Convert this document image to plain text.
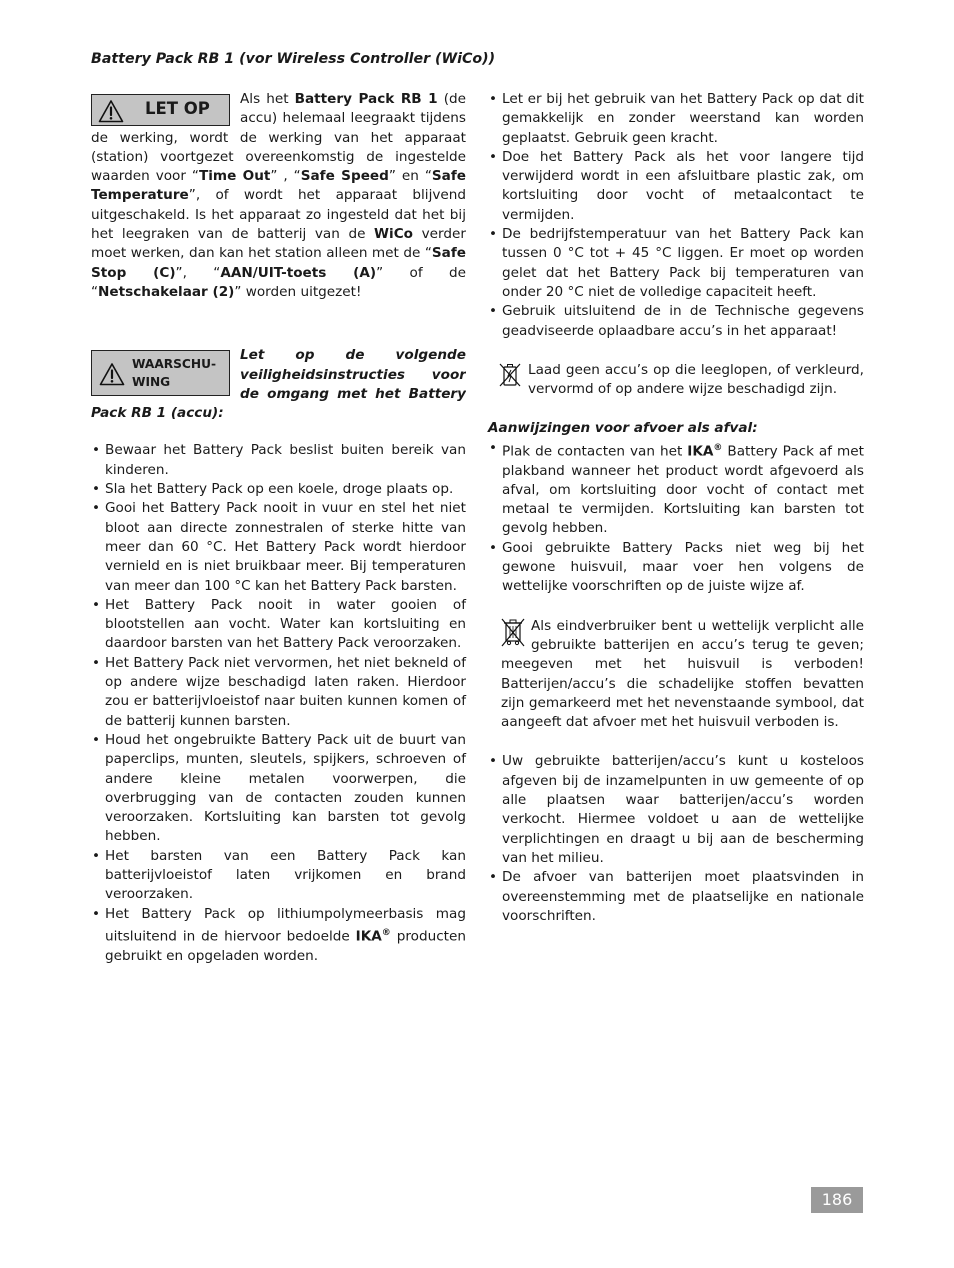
Battery Pack RB 1 (vor Wireless Controller (WiCo))
LET OP Als het Battery Pack RB 1 (de accu) helemaal leegraakt tijdens de werking, wordt de werking van het apparaat (station) voortgezet overeenkomstig de ingestelde waarden voor “Time Out” , “Safe Speed” en “Safe Temperature”, of wordt het apparaat blijvend uitgeschakeld. Is het apparaat zo ingesteld dat het bij het leegraken van de batterij van de WiCo verder moet werken, dan kan het station alleen met de “Safe Stop (C)”, “AAN/UIT-toets (A)” of de “Netschakelaar (2)” worden uitgezet!
WAARSCHU-
WING
Let op de volgende veiligheidsinstructies voor de omgang met het Battery Pack RB 1 (accu):
• Bewaar het Battery Pack beslist buiten bereik van kinderen.
• Sla het Battery Pack op een koele, droge plaats op.
• Gooi het Battery Pack nooit in vuur en stel het niet bloot aan directe zonnestralen of sterke hitte van meer dan 60 °C. Het Battery Pack wordt hierdoor vernield en is niet bruikbaar meer. Bij temperaturen van meer dan 100 °C kan het Battery Pack barsten.
• Het Battery Pack nooit in water gooien of blootstellen aan vocht. Water kan kortsluiting en daardoor barsten van het Battery Pack veroorzaken.
• Het Battery Pack niet vervormen, het niet bekneld of op andere wijze beschadigd laten raken. Hierdoor zou er batterijvloeistof naar buiten kunnen komen of de batterij kunnen barsten.
• Houd het ongebruikte Battery Pack uit de buurt van paperclips, munten, sleutels, spijkers, schroeven of andere kleine metalen voorwerpen, die overbrugging van de contacten zouden kunnen veroorzaken. Kortsluiting kan barsten tot gevolg hebben.
• Het barsten van een Battery Pack kan batterijvloeistof laten vrijkomen en brand veroorzaken.
• Het Battery Pack op lithiumpolymeerbasis mag uitsluitend in de hiervoor bedoelde IKA® producten gebruikt en opgeladen worden.
• Let er bij het gebruik van het Battery Pack op dat dit gemakkelijk en zonder weerstand kan worden geplaatst. Gebruik geen kracht.
• Doe het Battery Pack als het voor langere tijd verwijderd wordt in een afsluitbare plastic zak, om kortsluiting door vocht of metaalcontact te vermijden.
• De bedrijfstemperatuur van het Battery Pack kan tussen 0 °C tot + 45 °C liggen. Er moet op worden gelet dat het Battery Pack bij temperaturen van onder 20 °C niet de volledige capaciteit heeft.
• Gebruik uitsluitend de in de Technische gegevens geadviseerde oplaadbare accu’s in het apparaat!
Laad geen accu’s op die leeglopen, of verkleurd, vervormd of op andere wijze beschadigd zijn.
Aanwijzingen voor afvoer als afval:
• Plak de contacten van het IKA® Battery Pack af met plakband wanneer het product wordt afgevoerd als afval, om kortsluiting door vocht of contact met metaal te vermijden. Kortsluiting kan barsten tot gevolg hebben.
• Gooi gebruikte Battery Packs niet weg bij het gewone huisvuil, maar voer hen volgens de wettelijke voorschriften op de juiste wijze af.
Als eindverbruiker bent u wettelijk verplicht alle gebruikte batterijen en accu’s terug te geven; meegeven met het huisvuil is verboden! Batterijen/accu’s die schadelijke stoffen bevatten zijn gemarkeerd met het nevenstaande symbool, dat aangeeft dat afvoer met het huisvuil verboden is.
• Uw gebruikte batterijen/accu’s kunt u kosteloos afgeven bij de inzamelpunten in uw gemeente of op alle plaatsen waar batterijen/accu’s worden verkocht. Hiermee voldoet u aan de wettelijke verplichtingen en draagt u bij aan de bescherming van het milieu.
• De afvoer van batterijen moet plaatsvinden in overeenstemming met de plaatselijke en nationale voorschriften.
186
